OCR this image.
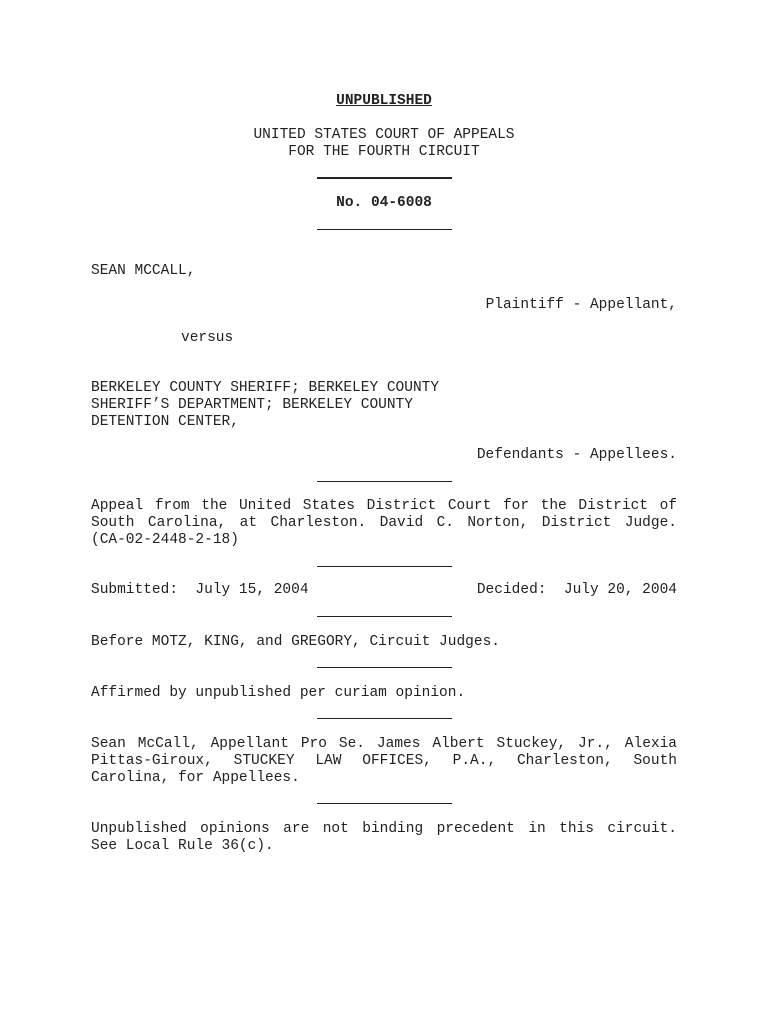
UNPUBLISHED
UNITED STATES COURT OF APPEALS
FOR THE FOURTH CIRCUIT
No. 04-6008
SEAN MCCALL,
Plaintiff - Appellant,
versus
BERKELEY COUNTY SHERIFF; BERKELEY COUNTY
SHERIFF’S DEPARTMENT; BERKELEY COUNTY
DETENTION CENTER,
Defendants - Appellees.
Appeal from the United States District Court for the District of
South Carolina, at Charleston. David C. Norton, District Judge.
(CA-02-2448-2-18)
Submitted:  July 15, 2004	Decided:  July 20, 2004
Before MOTZ, KING, and GREGORY, Circuit Judges.
Affirmed by unpublished per curiam opinion.
Sean McCall, Appellant Pro Se. James Albert Stuckey, Jr., Alexia
Pittas-Giroux, STUCKEY LAW OFFICES, P.A., Charleston, South
Carolina, for Appellees.
Unpublished opinions are not binding precedent in this circuit.
See Local Rule 36(c).
